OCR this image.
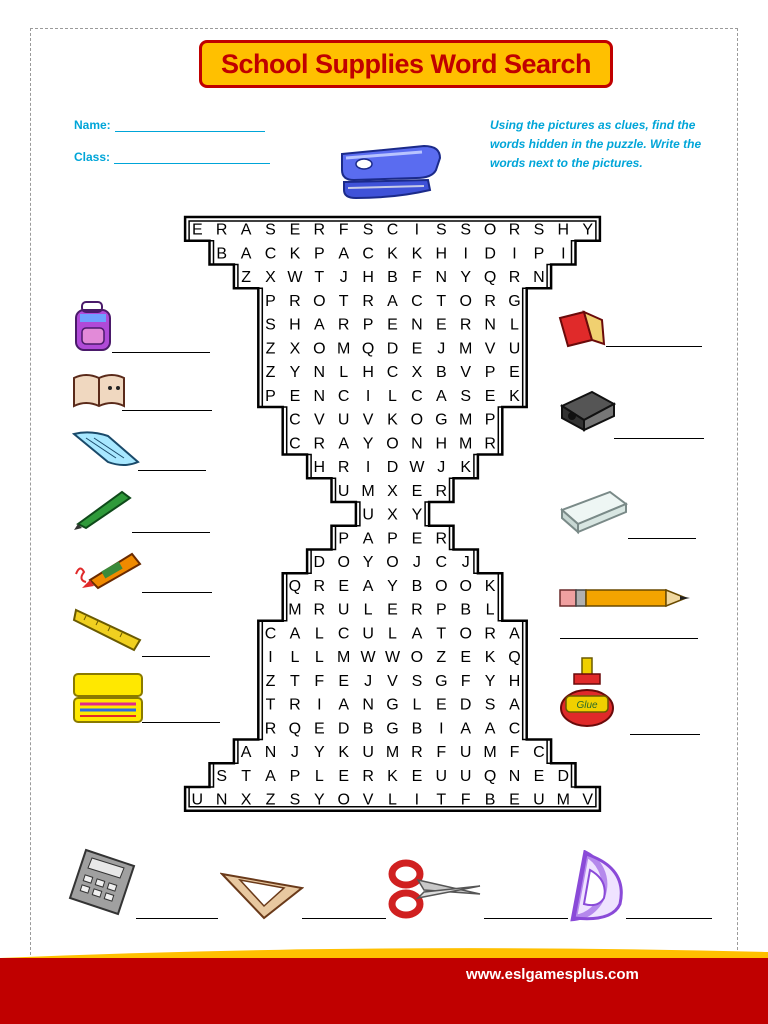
School Supplies Word Search
Name:
Class:
Using the pictures as clues, find the words hidden in the puzzle. Write the words next to the pictures.
E R A S E R F S C I S S O R S H Y
B A C K P A C K K H I D I P I
Z X W T J H B F N Y Q R N
P R O T R A C T O R G
S H A R P E N E R N L
Z X O M Q D E J M V U
Z Y N L H C X B V P E
P E N C I L C A S E K
C V U V K O G M P
C R A Y O N H M R
H R I D W J K
U M X E R
U X Y
P A P E R
D O Y O J C J
Q R E A Y B O O K
M R U L E R P B L
C A L C U L A T O R A
I L L M W W O Z E K Q
Z T F E J V S G F Y H
T R I A N G L E D S A
R Q E D B G B I A A C
A N J Y K U M R F U M F C
S T A P L E R K E U U Q N E D
U N X Z S Y O V L I T F B E U M V
Glue
www.eslgamesplus.com
